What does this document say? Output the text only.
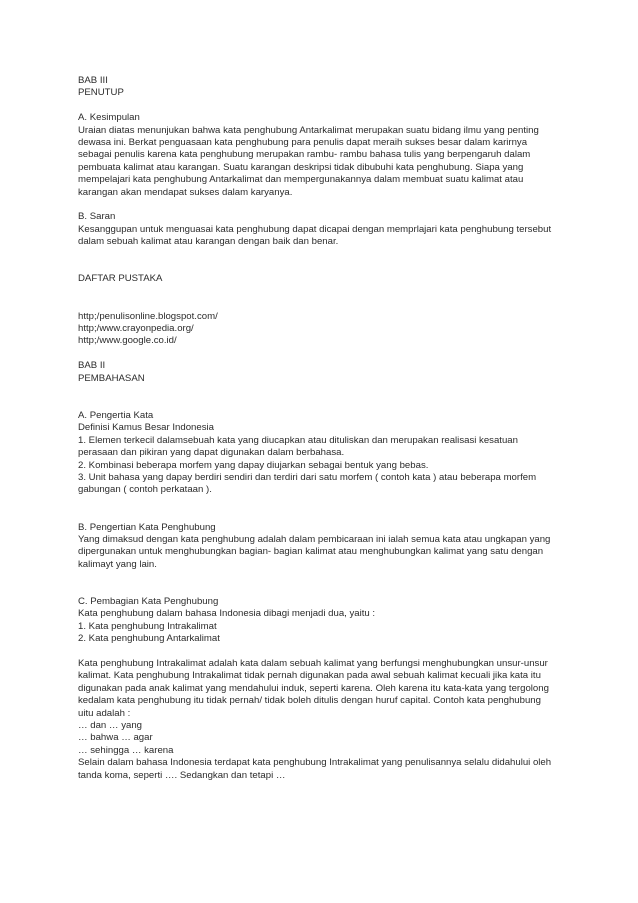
BAB III
PENUTUP
A. Kesimpulan
Uraian diatas menunjukan bahwa kata penghubung Antarkalimat merupakan suatu bidang ilmu yang penting
dewasa ini. Berkat penguasaan kata penghubung para penulis dapat meraih sukses besar dalam karirnya
sebagai penulis karena kata penghubung merupakan rambu- rambu bahasa tulis yang berpengaruh dalam
pembuata kalimat atau karangan. Suatu karangan deskripsi tidak dibubuhi kata penghubung. Siapa yang
mempelajari kata penghubung Antarkalimat dan mempergunakannya dalam membuat suatu kalimat atau
karangan akan mendapat sukses dalam karyanya.
B. Saran
Kesanggupan untuk menguasai kata penghubung dapat dicapai dengan memprlajari kata penghubung tersebut
dalam sebuah kalimat atau karangan dengan baik dan benar.
DAFTAR PUSTAKA
http;/penulisonline.blogspot.com/
http;/www.crayonpedia.org/
http;/www.google.co.id/
BAB II
PEMBAHASAN
A. Pengertia Kata
Definisi Kamus Besar Indonesia
1. Elemen terkecil dalamsebuah kata yang diucapkan atau dituliskan dan merupakan realisasi kesatuan
perasaan dan pikiran yang dapat digunakan dalam berbahasa.
2. Kombinasi beberapa morfem yang dapay diujarkan sebagai bentuk yang bebas.
3. Unit bahasa yang dapay berdiri sendiri dan terdiri dari satu morfem ( contoh kata ) atau beberapa morfem
gabungan ( contoh perkataan ).
B. Pengertian Kata Penghubung
Yang dimaksud dengan kata penghubung adalah dalam pembicaraan ini ialah semua kata atau ungkapan yang
dipergunakan untuk menghubungkan bagian- bagian kalimat atau menghubungkan kalimat yang satu dengan
kalimayt yang lain.
C. Pembagian Kata Penghubung
Kata penghubung dalam bahasa Indonesia dibagi menjadi dua, yaitu :
1. Kata penghubung Intrakalimat
2. Kata penghubung Antarkalimat
Kata penghubung Intrakalimat adalah kata dalam sebuah kalimat yang berfungsi menghubungkan unsur-unsur
kalimat. Kata penghubung Intrakalimat tidak pernah digunakan pada awal sebuah kalimat kecuali jika kata itu
digunakan pada anak kalimat yang mendahului induk, seperti karena. Oleh karena itu kata-kata yang tergolong
kedalam kata penghubung itu tidak pernah/ tidak boleh ditulis dengan huruf capital. Contoh kata penghubung
uitu adalah :
… dan … yang
… bahwa … agar
… sehingga … karena
Selain dalam bahasa Indonesia terdapat kata penghubung Intrakalimat yang penulisannya selalu didahului oleh
tanda koma, seperti …. Sedangkan dan tetapi …
